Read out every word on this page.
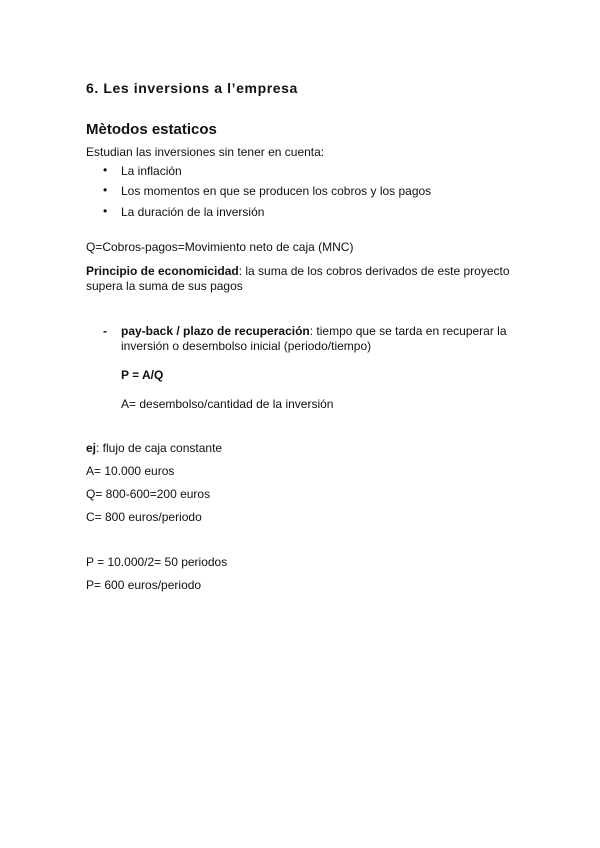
6. Les inversions a l’empresa
Mètodos estaticos
Estudian las inversiones sin tener en cuenta:
• La inflación
• Los momentos en que se producen los cobros y los pagos
• La duración de la inversión
Q=Cobros-pagos=Movimiento neto de caja (MNC)
Principio de economicidad: la suma de los cobros derivados de este proyecto
supera la suma de sus pagos
- pay-back / plazo de recuperación: tiempo que se tarda en recuperar la
inversión o desembolso inicial (periodo/tiempo)
P = A/Q
A= desembolso/cantidad de la inversión
ej: flujo de caja constante
A= 10.000 euros
Q= 800-600=200 euros
C= 800 euros/periodo
P = 10.000/2= 50 periodos
P= 600 euros/periodo
